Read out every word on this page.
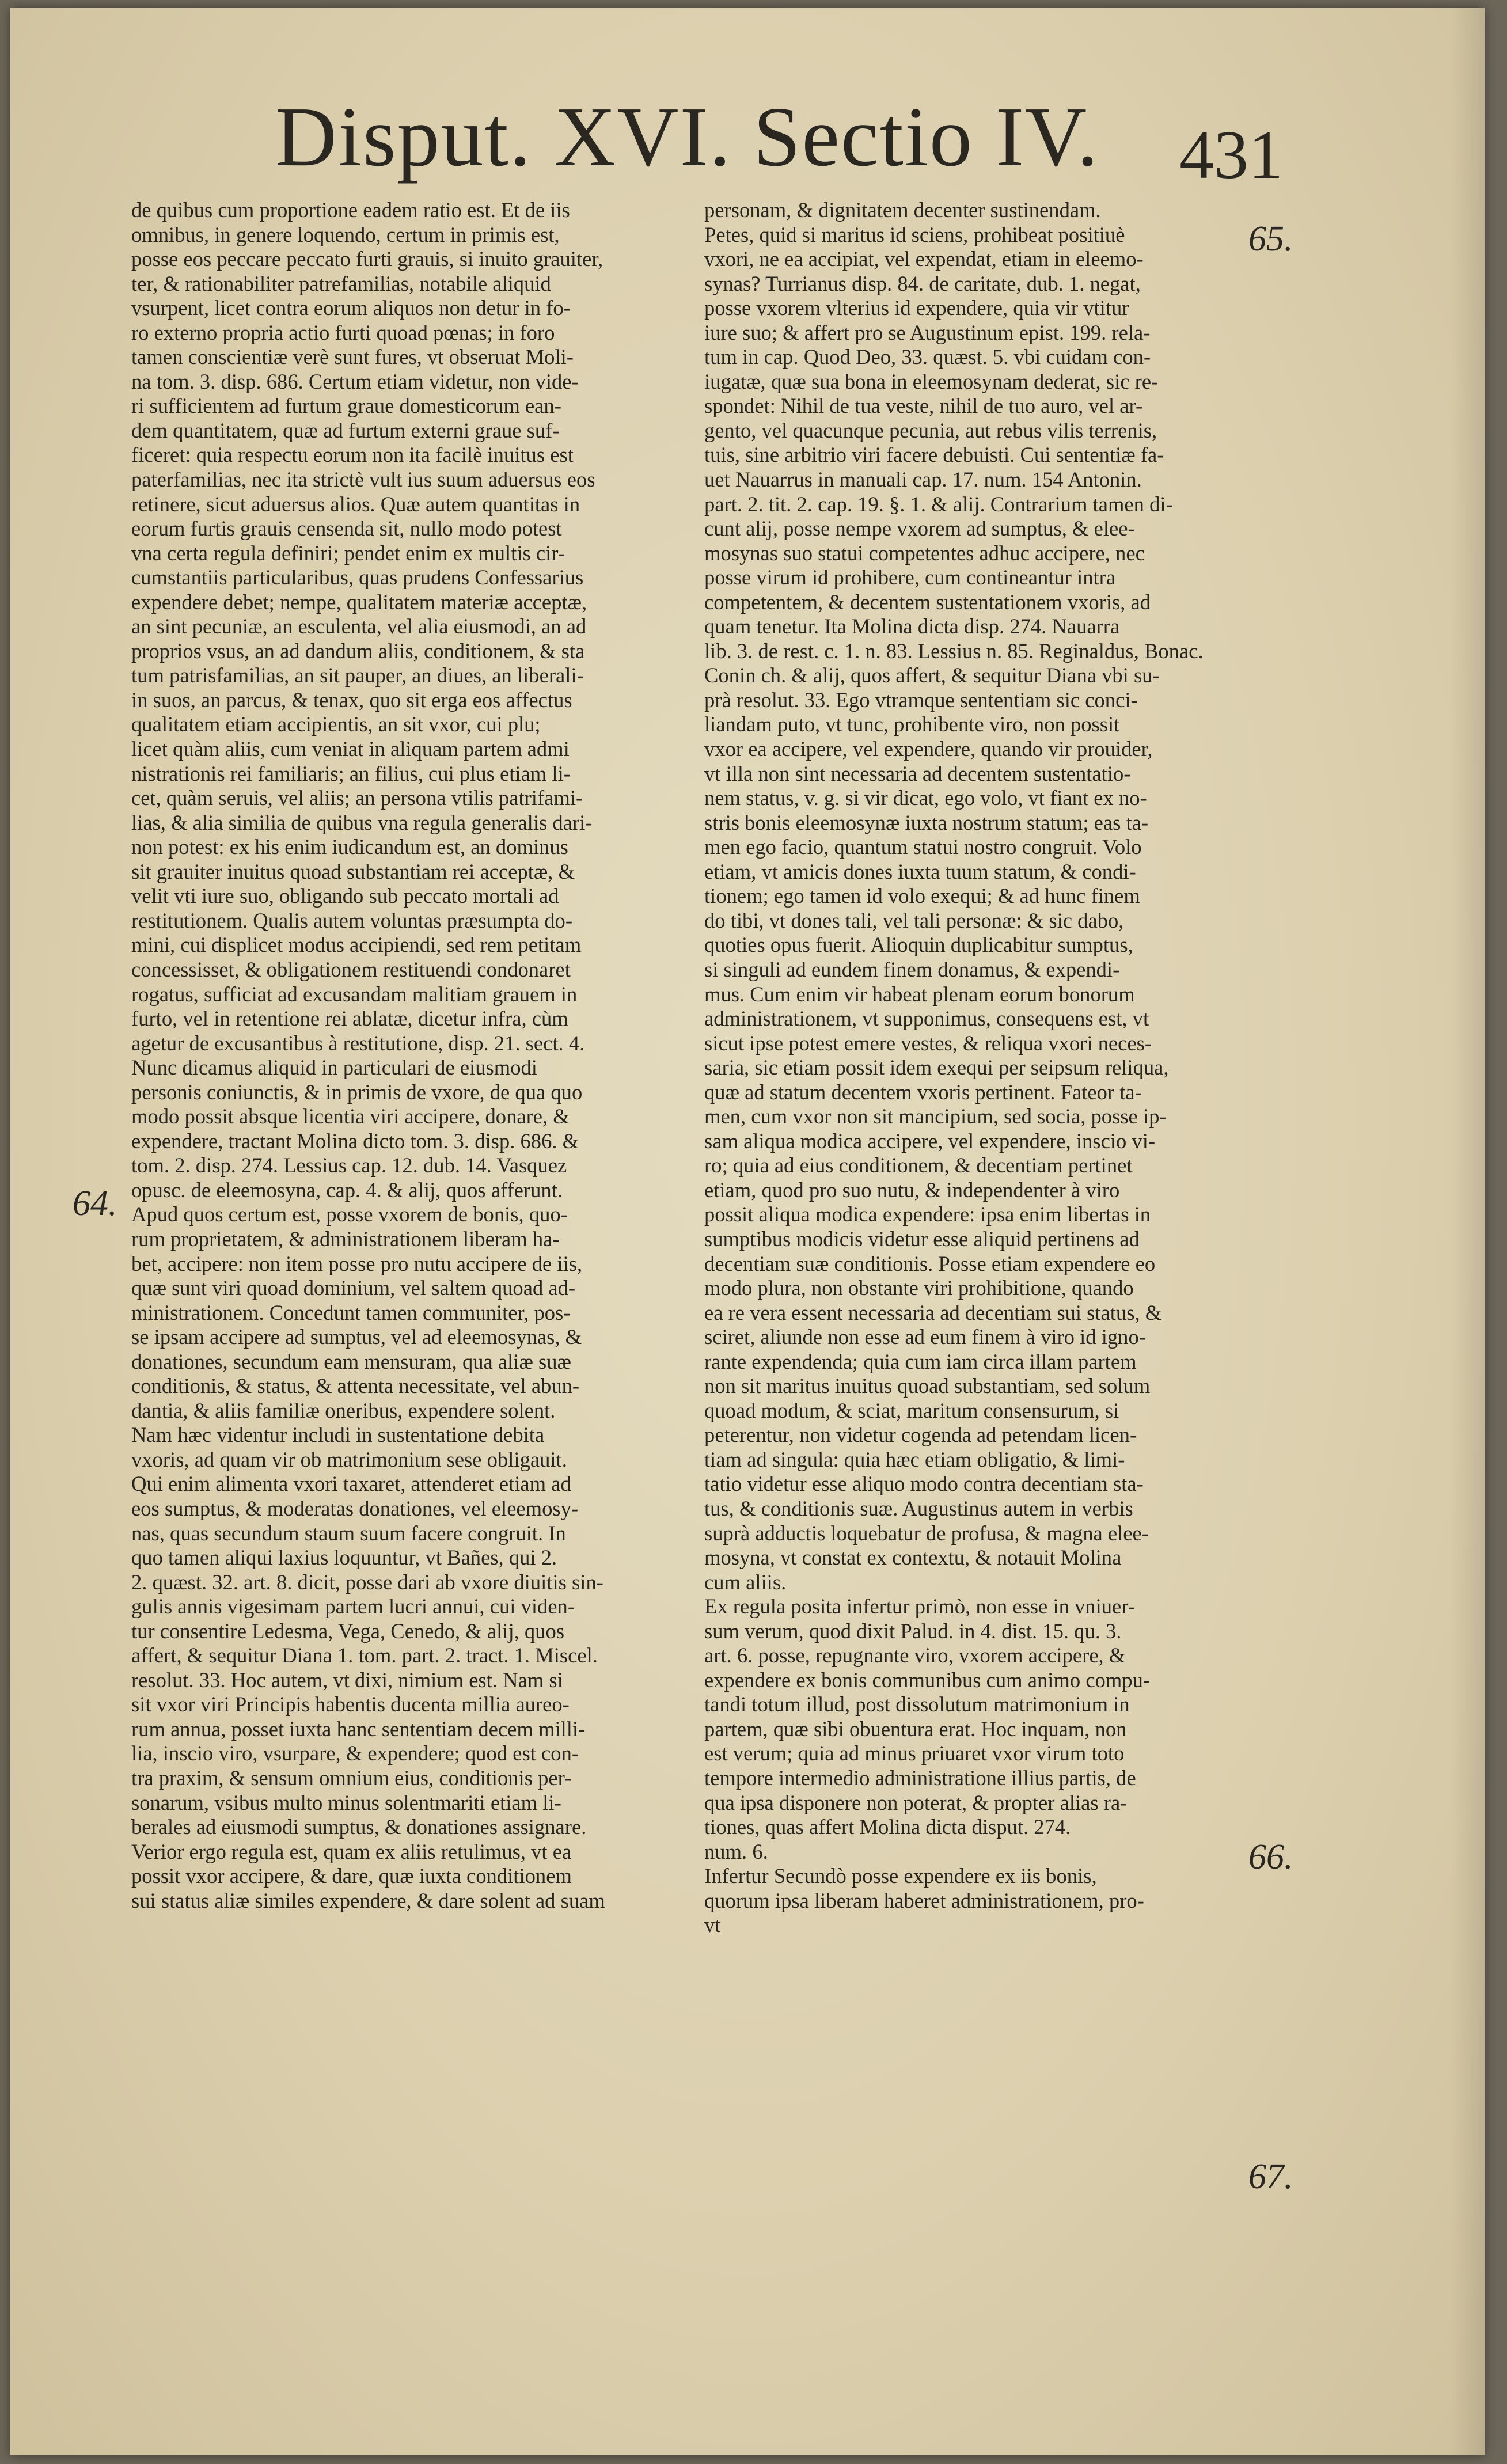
Disput. XVI. Sectio IV. 431
64.
65.
66.
67.
de quibus cum proportione eadem ratio est. Et de iis
omnibus, in genere loquendo, certum in primis est,
posse eos peccare peccato furti grauis, si inuito grauiter,
ter, & rationabiliter patrefamilias, notabile aliquid
vsurpent, licet contra eorum aliquos non detur in fo-
ro externo propria actio furti quoad pœnas; in foro
tamen conscientiæ verè sunt fures, vt obseruat Moli-
na tom. 3. disp. 686. Certum etiam videtur, non vide-
ri sufficientem ad furtum graue domesticorum ean-
dem quantitatem, quæ ad furtum externi graue suf-
ficeret: quia respectu eorum non ita facilè inuitus est
paterfamilias, nec ita strictè vult ius suum aduersus eos
retinere, sicut aduersus alios. Quæ autem quantitas in
eorum furtis grauis censenda sit, nullo modo potest
vna certa regula definiri; pendet enim ex multis cir-
cumstantiis particularibus, quas prudens Confessarius
expendere debet; nempe, qualitatem materiæ acceptæ,
an sint pecuniæ, an esculenta, vel alia eiusmodi, an ad
proprios vsus, an ad dandum aliis, conditionem, & sta
tum patrisfamilias, an sit pauper, an diues, an liberali-
in suos, an parcus, & tenax, quo sit erga eos affectus
qualitatem etiam accipientis, an sit vxor, cui plu;
licet quàm aliis, cum veniat in aliquam partem admi
nistrationis rei familiaris; an filius, cui plus etiam li-
cet, quàm seruis, vel aliis; an persona vtilis patrifami-
lias, & alia similia de quibus vna regula generalis dari-
non potest: ex his enim iudicandum est, an dominus
sit grauiter inuitus quoad substantiam rei acceptæ, &
velit vti iure suo, obligando sub peccato mortali ad
restitutionem. Qualis autem voluntas præsumpta do-
mini, cui displicet modus accipiendi, sed rem petitam
concessisset, & obligationem restituendi condonaret
rogatus, sufficiat ad excusandam malitiam grauem in
furto, vel in retentione rei ablatæ, dicetur infra, cùm
agetur de excusantibus à restitutione, disp. 21. sect. 4.
Nunc dicamus aliquid in particulari de eiusmodi
personis coniunctis, & in primis de vxore, de qua quo
modo possit absque licentia viri accipere, donare, &
expendere, tractant Molina dicto tom. 3. disp. 686. &
tom. 2. disp. 274. Lessius cap. 12. dub. 14. Vasquez
opusc. de eleemosyna, cap. 4. & alij, quos afferunt.
Apud quos certum est, posse vxorem de bonis, quo-
rum proprietatem, & administrationem liberam ha-
bet, accipere: non item posse pro nutu accipere de iis,
quæ sunt viri quoad dominium, vel saltem quoad ad-
ministrationem. Concedunt tamen communiter, pos-
se ipsam accipere ad sumptus, vel ad eleemosynas, &
donationes, secundum eam mensuram, qua aliæ suæ
conditionis, & status, & attenta necessitate, vel abun-
dantia, & aliis familiæ oneribus, expendere solent.
Nam hæc videntur includi in sustentatione debita
vxoris, ad quam vir ob matrimonium sese obligauit.
Qui enim alimenta vxori taxaret, attenderet etiam ad
eos sumptus, & moderatas donationes, vel eleemosy-
nas, quas secundum staum suum facere congruit. In
quo tamen aliqui laxius loquuntur, vt Bañes, qui 2.
2. quæst. 32. art. 8. dicit, posse dari ab vxore diuitis sin-
gulis annis vigesimam partem lucri annui, cui viden-
tur consentire Ledesma, Vega, Cenedo, & alij, quos
affert, & sequitur Diana 1. tom. part. 2. tract. 1. Miscel.
resolut. 33. Hoc autem, vt dixi, nimium est. Nam si
sit vxor viri Principis habentis ducenta millia aureo-
rum annua, posset iuxta hanc sententiam decem milli-
lia, inscio viro, vsurpare, & expendere; quod est con-
tra praxim, & sensum omnium eius, conditionis per-
sonarum, vsibus multo minus solentmariti etiam li-
berales ad eiusmodi sumptus, & donationes assignare.
Verior ergo regula est, quam ex aliis retulimus, vt ea
possit vxor accipere, & dare, quæ iuxta conditionem
sui status aliæ similes expendere, & dare solent ad suam
personam, & dignitatem decenter sustinendam.
Petes, quid si maritus id sciens, prohibeat positiuè
vxori, ne ea accipiat, vel expendat, etiam in eleemo-
synas? Turrianus disp. 84. de caritate, dub. 1. negat,
posse vxorem vlterius id expendere, quia vir vtitur
iure suo; & affert pro se Augustinum epist. 199. rela-
tum in cap. Quod Deo, 33. quæst. 5. vbi cuidam con-
iugatæ, quæ sua bona in eleemosynam dederat, sic re-
spondet: Nihil de tua veste, nihil de tuo auro, vel ar-
gento, vel quacunque pecunia, aut rebus vilis terrenis,
tuis, sine arbitrio viri facere debuisti. Cui sententiæ fa-
uet Nauarrus in manuali cap. 17. num. 154 Antonin.
part. 2. tit. 2. cap. 19. §. 1. & alij. Contrarium tamen di-
cunt alij, posse nempe vxorem ad sumptus, & elee-
mosynas suo statui competentes adhuc accipere, nec
posse virum id prohibere, cum contineantur intra
competentem, & decentem sustentationem vxoris, ad
quam tenetur. Ita Molina dicta disp. 274. Nauarra
lib. 3. de rest. c. 1. n. 83. Lessius n. 85. Reginaldus, Bonac.
Conin ch. & alij, quos affert, & sequitur Diana vbi su-
prà resolut. 33. Ego vtramque sententiam sic conci-
liandam puto, vt tunc, prohibente viro, non possit
vxor ea accipere, vel expendere, quando vir prouider,
vt illa non sint necessaria ad decentem sustentatio-
nem status, v. g. si vir dicat, ego volo, vt fiant ex no-
stris bonis eleemosynæ iuxta nostrum statum; eas ta-
men ego facio, quantum statui nostro congruit. Volo
etiam, vt amicis dones iuxta tuum statum, & condi-
tionem; ego tamen id volo exequi; & ad hunc finem
do tibi, vt dones tali, vel tali personæ: & sic dabo,
quoties opus fuerit. Alioquin duplicabitur sumptus,
si singuli ad eundem finem donamus, & expendi-
mus. Cum enim vir habeat plenam eorum bonorum
administrationem, vt supponimus, consequens est, vt
sicut ipse potest emere vestes, & reliqua vxori neces-
saria, sic etiam possit idem exequi per seipsum reliqua,
quæ ad statum decentem vxoris pertinent. Fateor ta-
men, cum vxor non sit mancipium, sed socia, posse ip-
sam aliqua modica accipere, vel expendere, inscio vi-
ro; quia ad eius conditionem, & decentiam pertinet
etiam, quod pro suo nutu, & independenter à viro
possit aliqua modica expendere: ipsa enim libertas in
sumptibus modicis videtur esse aliquid pertinens ad
decentiam suæ conditionis. Posse etiam expendere eo
modo plura, non obstante viri prohibitione, quando
ea re vera essent necessaria ad decentiam sui status, &
sciret, aliunde non esse ad eum finem à viro id igno-
rante expendenda; quia cum iam circa illam partem
non sit maritus inuitus quoad substantiam, sed solum
quoad modum, & sciat, maritum consensurum, si
peterentur, non videtur cogenda ad petendam licen-
tiam ad singula: quia hæc etiam obligatio, & limi-
tatio videtur esse aliquo modo contra decentiam sta-
tus, & conditionis suæ. Augustinus autem in verbis
suprà adductis loquebatur de profusa, & magna elee-
mosyna, vt constat ex contextu, & notauit Molina
cum aliis.
Ex regula posita infertur primò, non esse in vniuer-
sum verum, quod dixit Palud. in 4. dist. 15. qu. 3.
art. 6. posse, repugnante viro, vxorem accipere, &
expendere ex bonis communibus cum animo compu-
tandi totum illud, post dissolutum matrimonium in
partem, quæ sibi obuentura erat. Hoc inquam, non
est verum; quia ad minus priuaret vxor virum toto
tempore intermedio administratione illius partis, de
qua ipsa disponere non poterat, & propter alias ra-
tiones, quas affert Molina dicta disput. 274.
num. 6.
Infertur Secundò posse expendere ex iis bonis,
quorum ipsa liberam haberet administrationem, pro-
vt
